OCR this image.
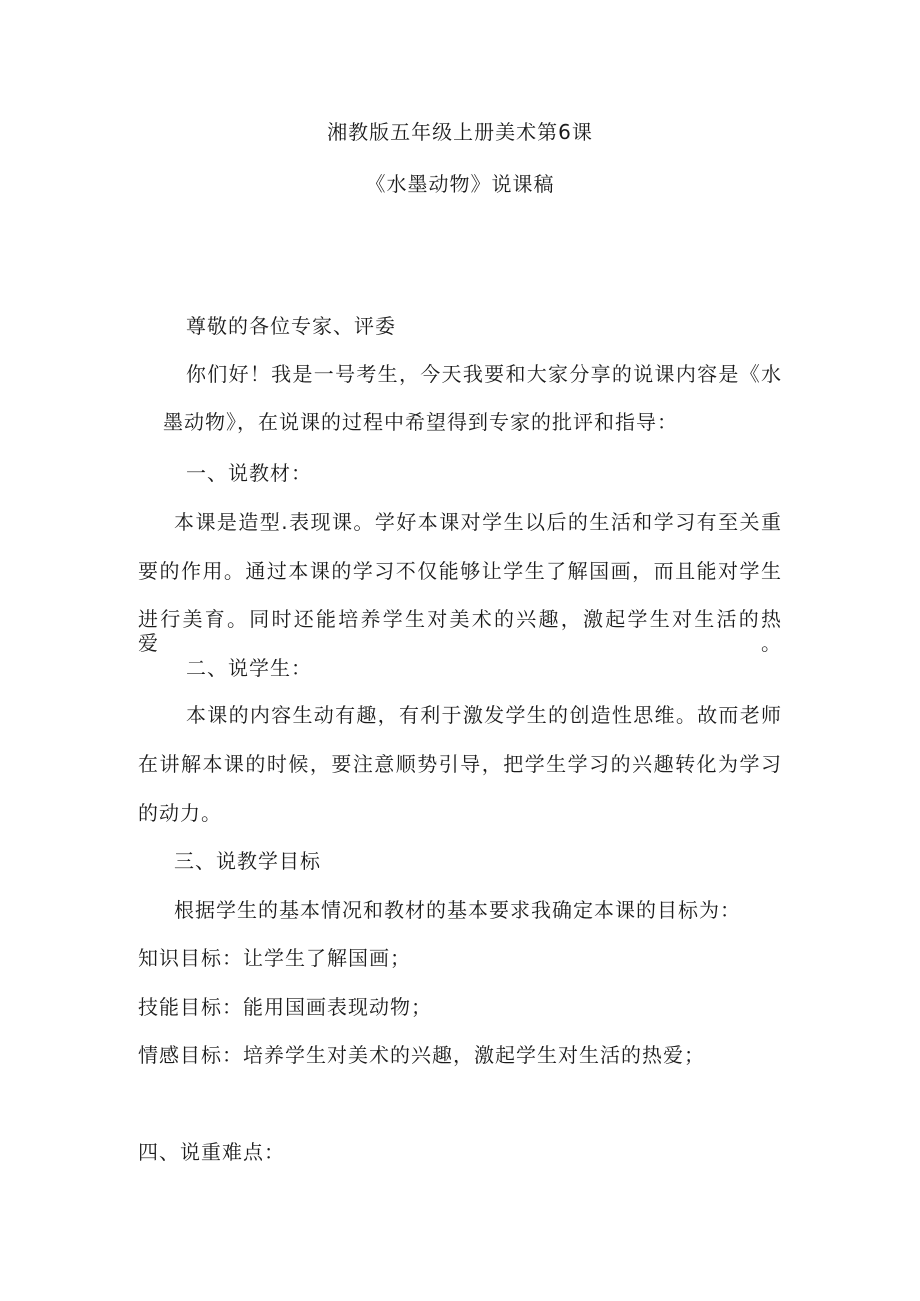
湘教版五年级上册美术第6课
《水墨动物》说课稿
尊敬的各位专家、评委
你们好！我是一号考生，今天我要和大家分享的说课内容是《水
墨动物》，在说课的过程中希望得到专家的批评和指导：
一、说教材：
本课是造型.表现课。学好本课对学生以后的生活和学习有至关重
要的作用。通过本课的学习不仅能够让学生了解国画，而且能对学生
进行美育。同时还能培养学生对美术的兴趣，激起学生对生活的热爱。
二、说学生：
本课的内容生动有趣，有利于激发学生的创造性思维。故而老师
在讲解本课的时候，要注意顺势引导，把学生学习的兴趣转化为学习
的动力。
三、说教学目标
根据学生的基本情况和教材的基本要求我确定本课的目标为：
知识目标：让学生了解国画；
技能目标：能用国画表现动物；
情感目标：培养学生对美术的兴趣，激起学生对生活的热爱；
四、说重难点：
